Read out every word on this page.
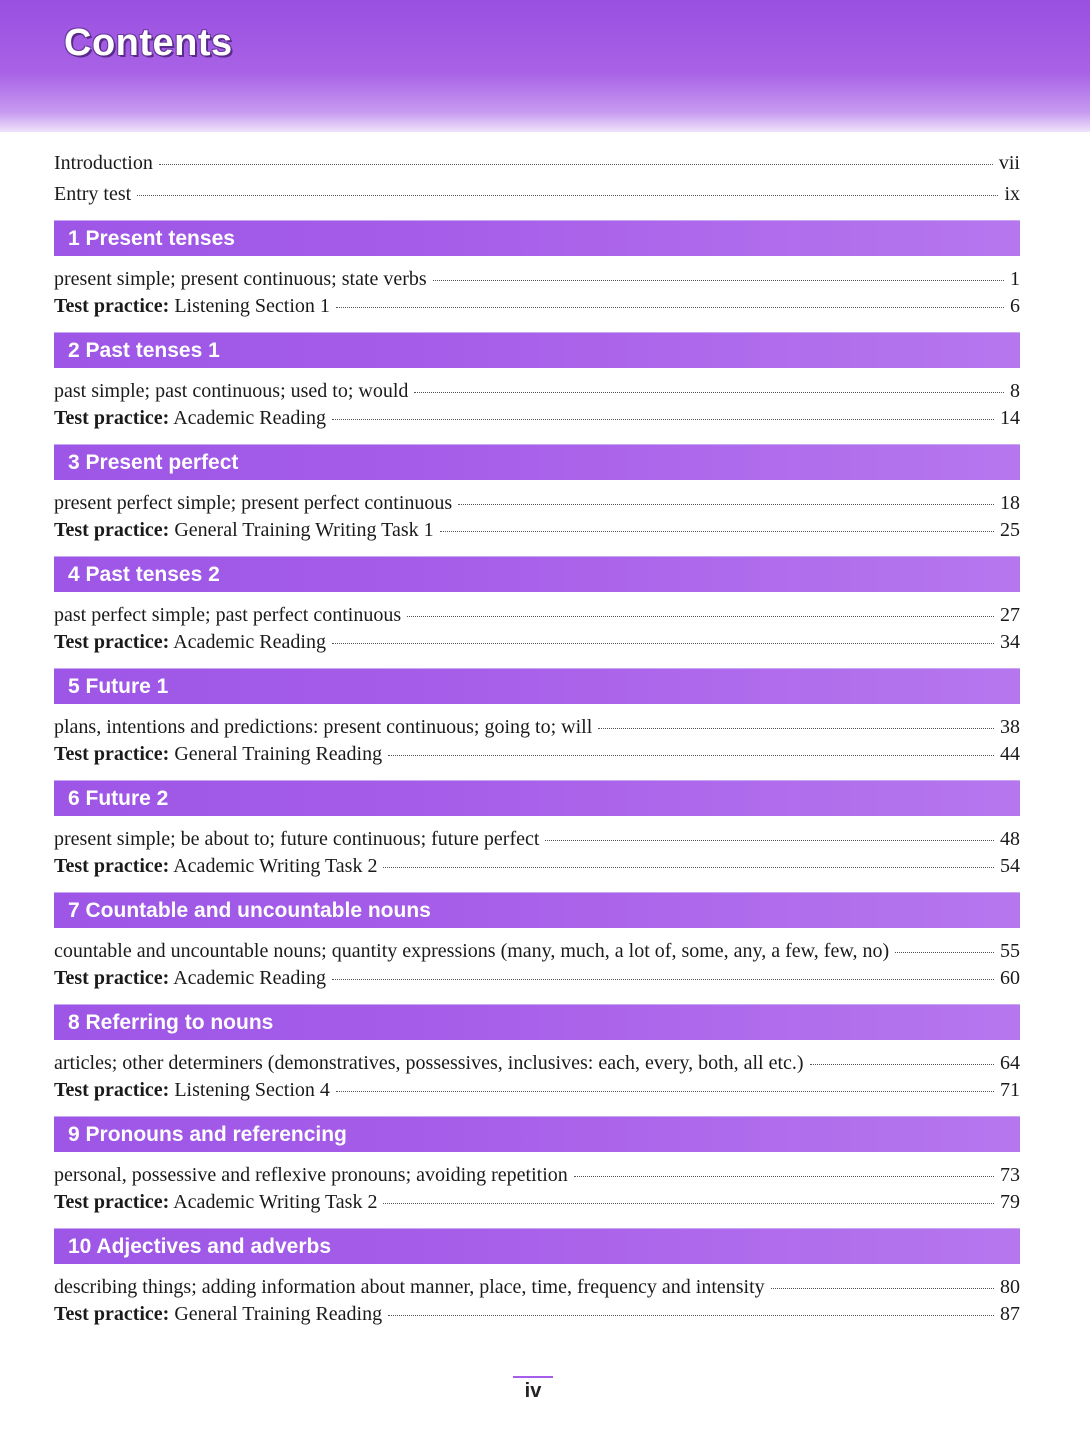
Contents
Introduction	vii
Entry test	ix
1 Present tenses
present simple; present continuous; state verbs	1
Test practice: Listening Section 1	6
2 Past tenses 1
past simple; past continuous; used to; would	8
Test practice: Academic Reading	14
3 Present perfect
present perfect simple; present perfect continuous	18
Test practice: General Training Writing Task 1	25
4 Past tenses 2
past perfect simple; past perfect continuous	27
Test practice: Academic Reading	34
5 Future 1
plans, intentions and predictions: present continuous; going to; will	38
Test practice: General Training Reading	44
6 Future 2
present simple; be about to; future continuous; future perfect	48
Test practice: Academic Writing Task 2	54
7 Countable and uncountable nouns
countable and uncountable nouns; quantity expressions (many, much, a lot of, some, any, a few, few, no)	55
Test practice: Academic Reading	60
8 Referring to nouns
articles; other determiners (demonstratives, possessives, inclusives: each, every, both, all etc.)	64
Test practice: Listening Section 4	71
9 Pronouns and referencing
personal, possessive and reflexive pronouns; avoiding repetition	73
Test practice: Academic Writing Task 2	79
10 Adjectives and adverbs
describing things; adding information about manner, place, time, frequency and intensity	80
Test practice: General Training Reading	87
iv
